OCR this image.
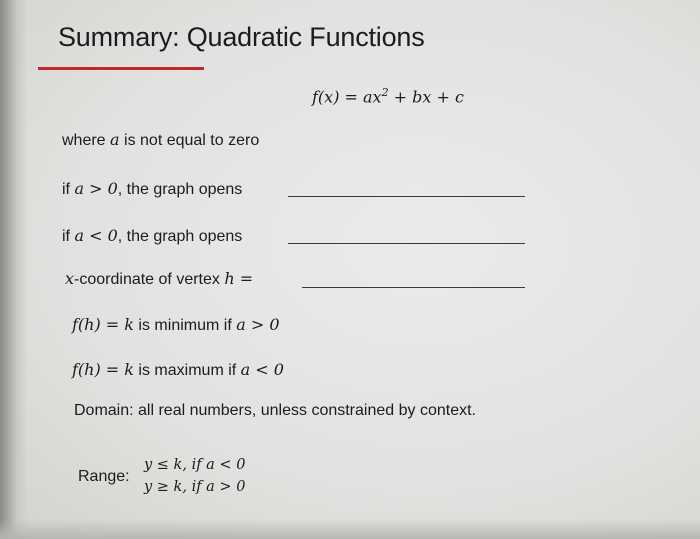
Summary: Quadratic Functions
$f(x) = ax^2$ + bx + c
where a is not equal to zero
if a > 0, the graph opens
if a < 0, the graph opens
x-coordinate of vertex h =
f(h) = k is minimum if a > 0
f(h) = k is maximum if a < 0
Domain: all real numbers, unless constrained by context.
Range:
y ≤ k, if a < 0
y ≥ k, if a > 0
